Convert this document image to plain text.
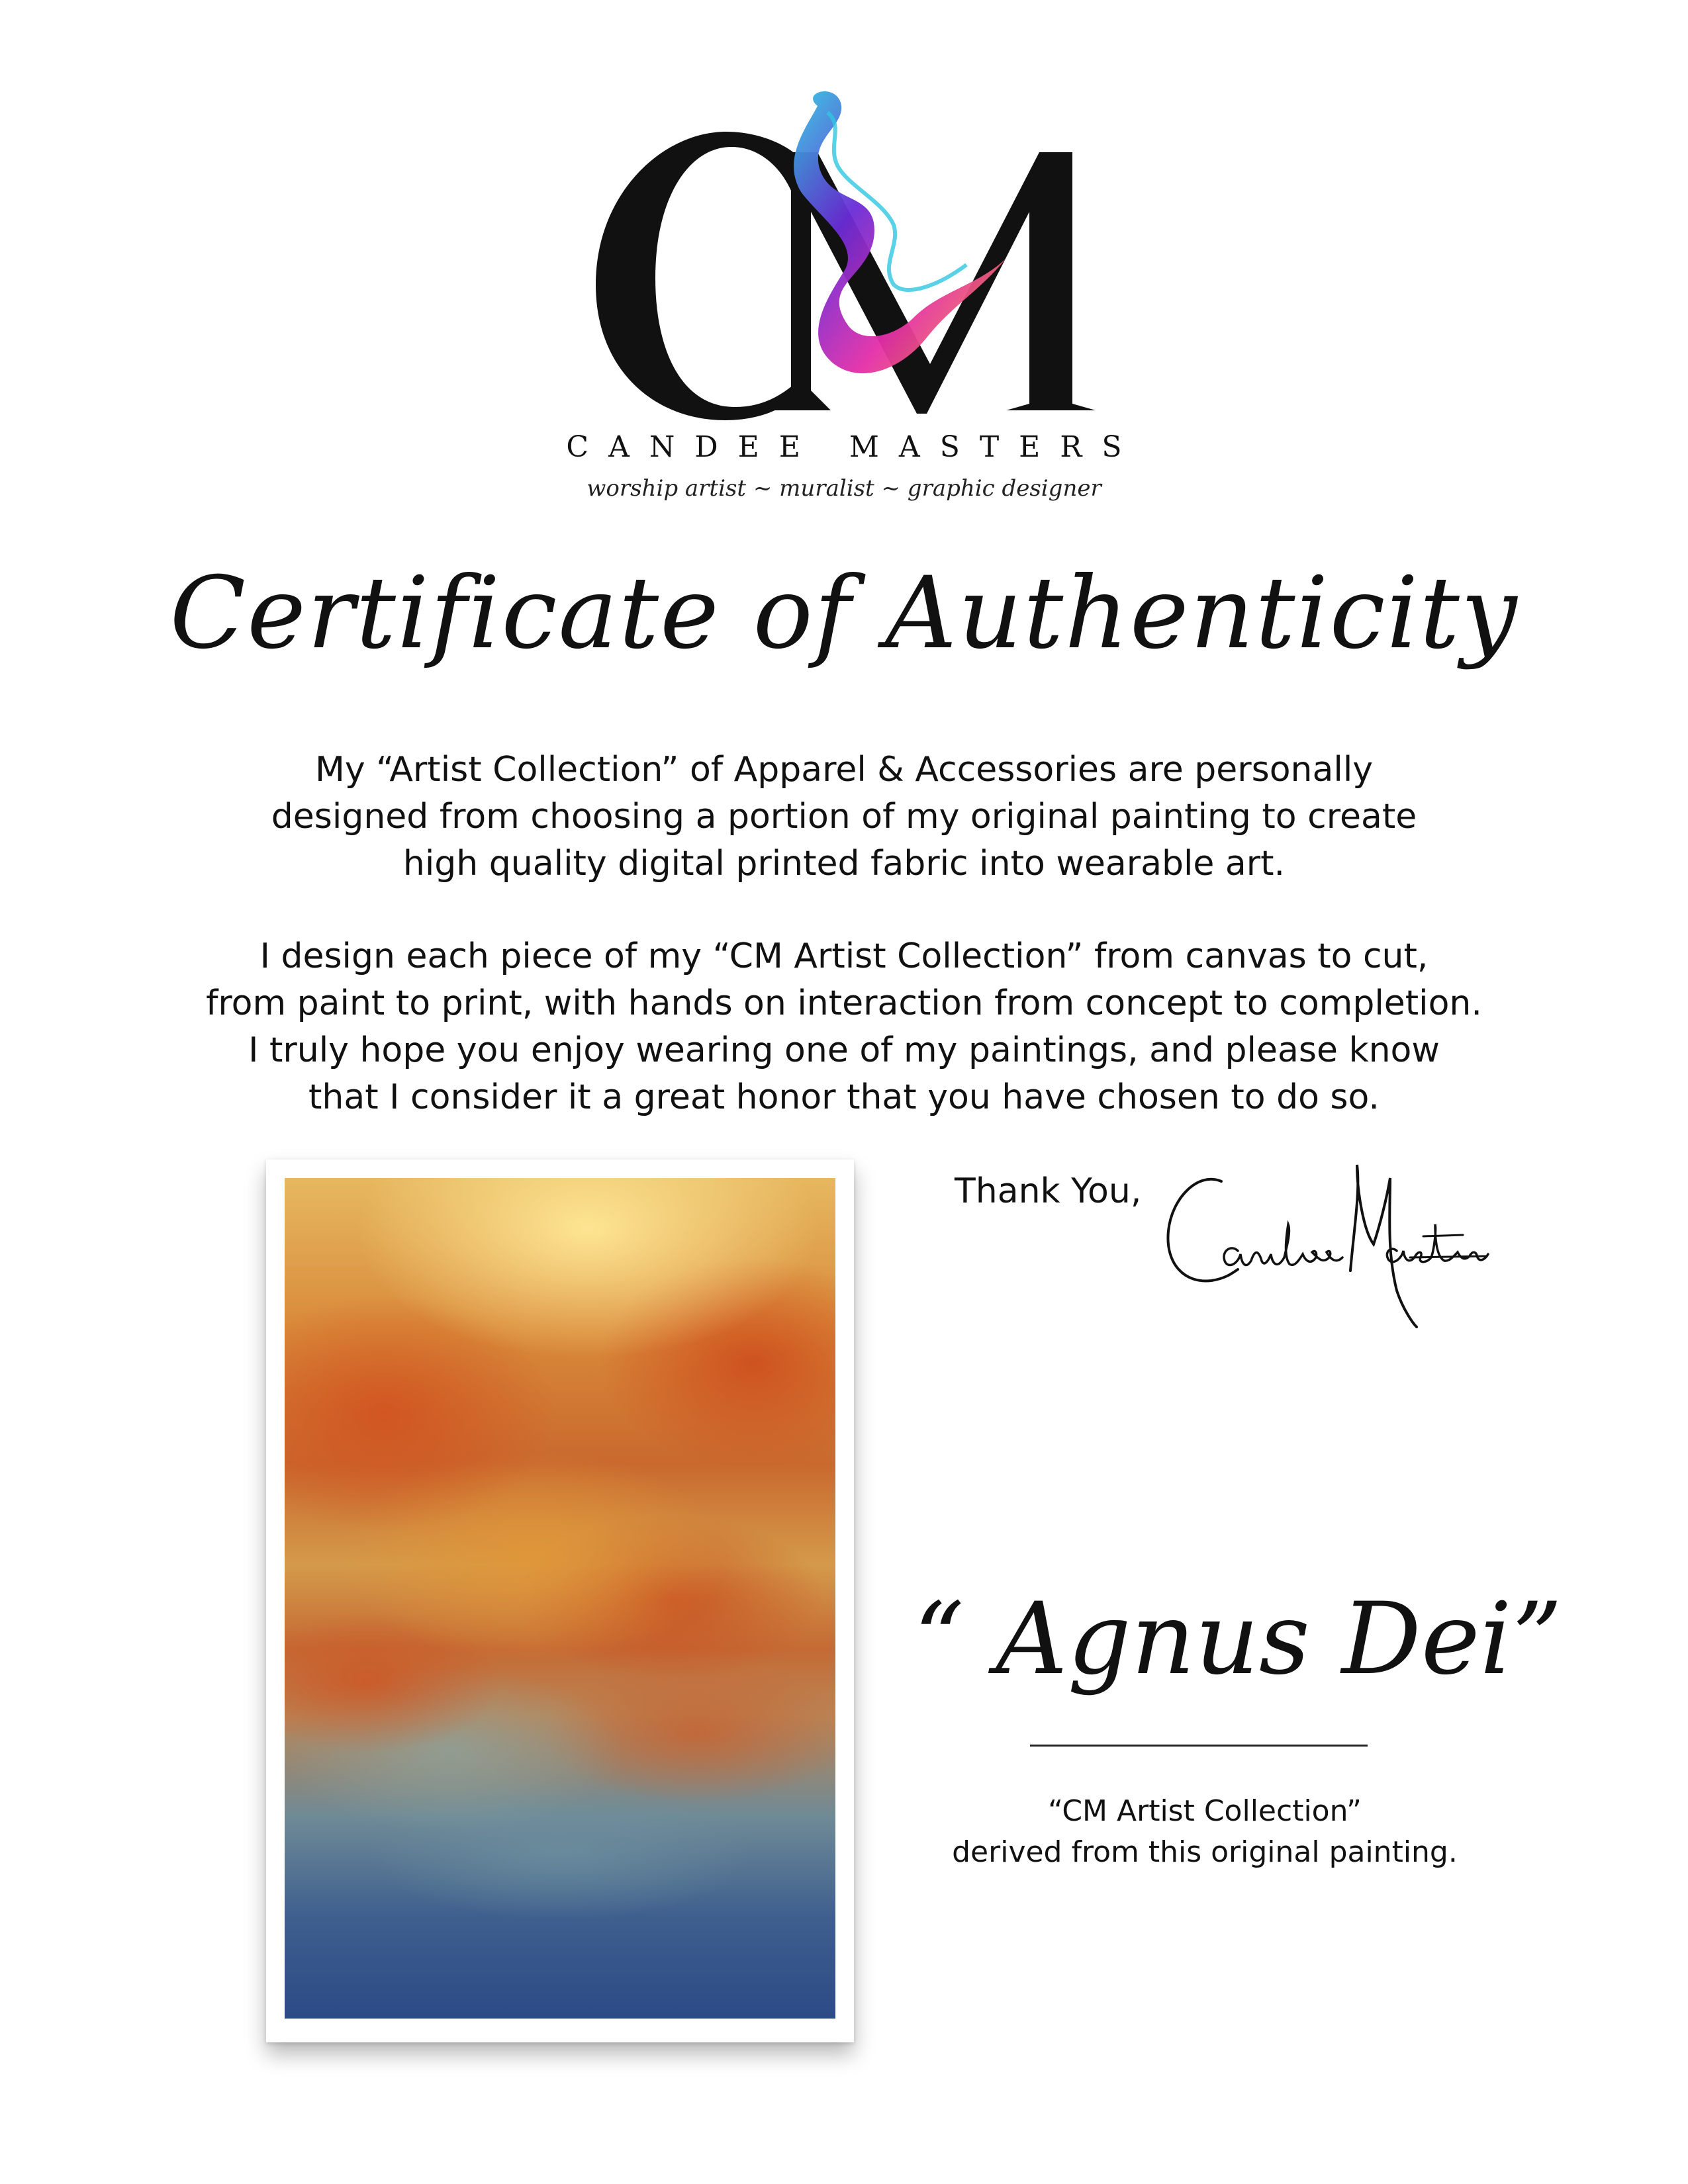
CANDEE MASTERS
worship artist ~ muralist ~ graphic designer
Certificate of Authenticity
My “Artist Collection” of Apparel & Accessories are personally
designed from choosing a portion of my original painting to create
high quality digital printed fabric into wearable art.
I design each piece of my “CM Artist Collection” from canvas to cut,
from paint to print, with hands on interaction from concept to completion.
I truly hope you enjoy wearing one of my paintings, and please know
that I consider it a great honor that you have chosen to do so.
Thank You,
“ Agnus Dei”
“CM Artist Collection”
derived from this original painting.
